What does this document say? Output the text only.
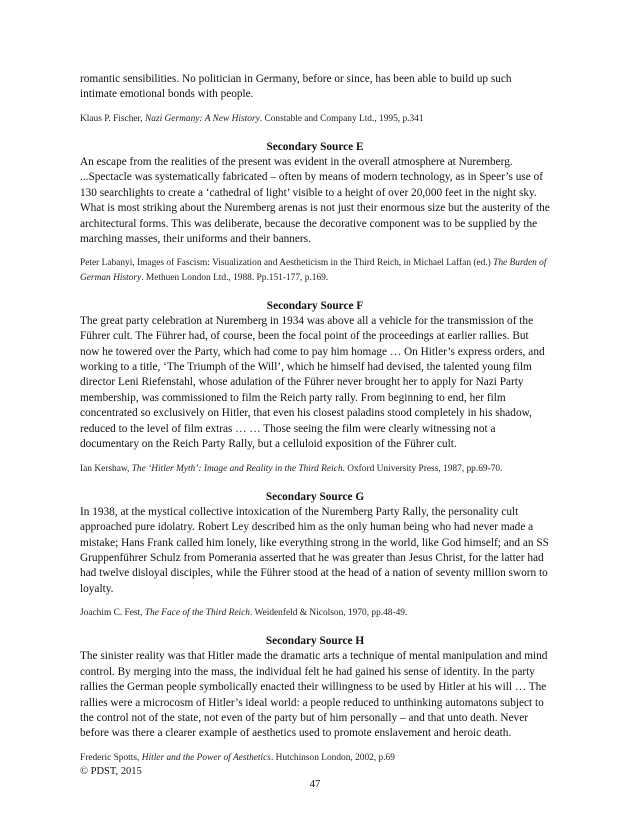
romantic sensibilities. No politician in Germany, before or since, has been able to build up such intimate emotional bonds with people.

Klaus P. Fischer, Nazi Germany: A New History. Constable and Company Ltd., 1995, p.341

Secondary Source E

An escape from the realities of the present was evident in the overall atmosphere at Nuremberg. ...Spectacle was systematically fabricated – often by means of modern technology, as in Speer’s use of 130 searchlights to create a ‘cathedral of light’ visible to a height of over 20,000 feet in the night sky. What is most striking about the Nuremberg arenas is not just their enormous size but the austerity of the architectural forms. This was deliberate, because the decorative component was to be supplied by the marching masses, their uniforms and their banners.

Peter Labanyi, Images of Fascism: Visualization and Aestheticism in the Third Reich, in Michael Laffan (ed.) The Burden of German History. Methuen London Ltd., 1988. Pp.151-177, p.169.

Secondary Source F

The great party celebration at Nuremberg in 1934 was above all a vehicle for the transmission of the Führer cult. The Führer had, of course, been the focal point of the proceedings at earlier rallies. But now he towered over the Party, which had come to pay him homage … On Hitler’s express orders, and working to a title, ‘The Triumph of the Will’, which he himself had devised, the talented young film director Leni Riefenstahl, whose adulation of the Führer never brought her to apply for Nazi Party membership, was commissioned to film the Reich party rally. From beginning to end, her film concentrated so exclusively on Hitler, that even his closest paladins stood completely in his shadow, reduced to the level of film extras … … Those seeing the film were clearly witnessing not a documentary on the Reich Party Rally, but a celluloid exposition of the Führer cult.

Ian Kershaw, The ‘Hitler Myth’: Image and Reality in the Third Reich. Oxford University Press, 1987, pp.69-70.

Secondary Source G

In 1938, at the mystical collective intoxication of the Nuremberg Party Rally, the personality cult approached pure idolatry. Robert Ley described him as the only human being who had never made a mistake; Hans Frank called him lonely, like everything strong in the world, like God himself; and an SS Gruppenführer Schulz from Pomerania asserted that he was greater than Jesus Christ, for the latter had had twelve disloyal disciples, while the Führer stood at the head of a nation of seventy million sworn to loyalty.

Joachim C. Fest, The Face of the Third Reich. Weidenfeld & Nicolson, 1970, pp.48-49.

Secondary Source H

The sinister reality was that Hitler made the dramatic arts a technique of mental manipulation and mind control. By merging into the mass, the individual felt he had gained his sense of identity. In the party rallies the German people symbolically enacted their willingness to be used by Hitler at his will … The rallies were a microcosm of Hitler’s ideal world: a people reduced to unthinking automatons subject to the control not of the state, not even of the party but of him personally – and that unto death. Never before was there a clearer example of aesthetics used to promote enslavement and heroic death.

Frederic Spotts, Hitler and the Power of Aesthetics. Hutchinson London, 2002, p.69

© PDST, 2015

47
